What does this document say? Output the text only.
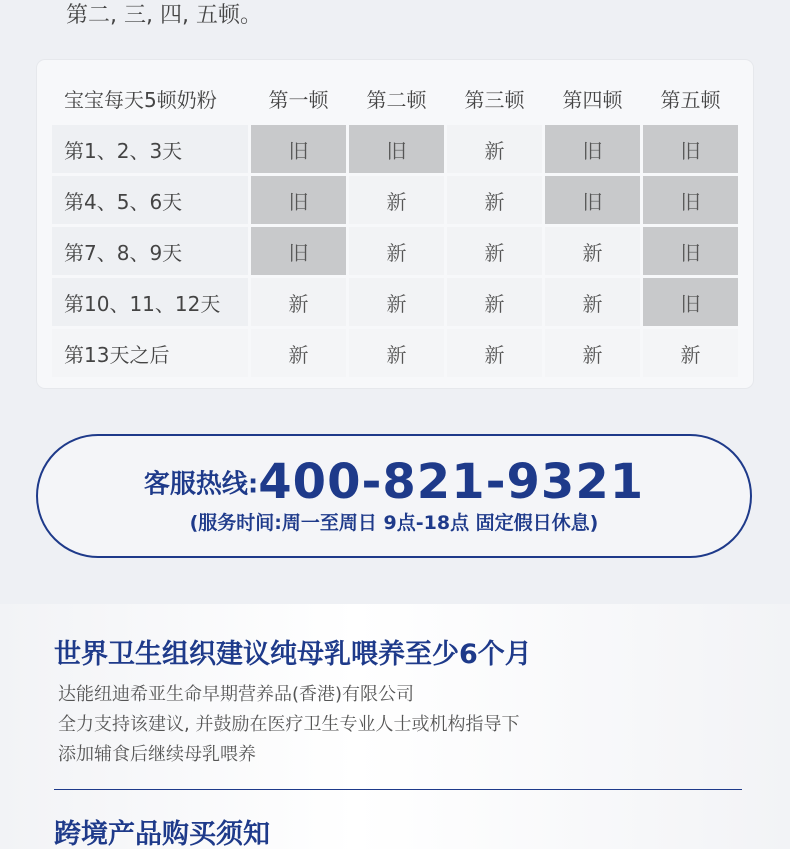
第二, 三, 四, 五顿。
宝宝每天5顿奶粉	第一顿	第二顿	第三顿	第四顿	第五顿
第1、2、3天	旧	旧	新	旧	旧
第4、5、6天	旧	新	新	旧	旧
第7、8、9天	旧	新	新	新	旧
第10、11、12天	新	新	新	新	旧
第13天之后	新	新	新	新	新
客服热线:400-821-9321
(服务时间:周一至周日 9点-18点 固定假日休息)
世界卫生组织建议纯母乳喂养至少6个月
达能纽迪希亚生命早期营养品(香港)有限公司
全力支持该建议, 并鼓励在医疗卫生专业人士或机构指导下
添加辅食后继续母乳喂养
跨境产品购买须知
